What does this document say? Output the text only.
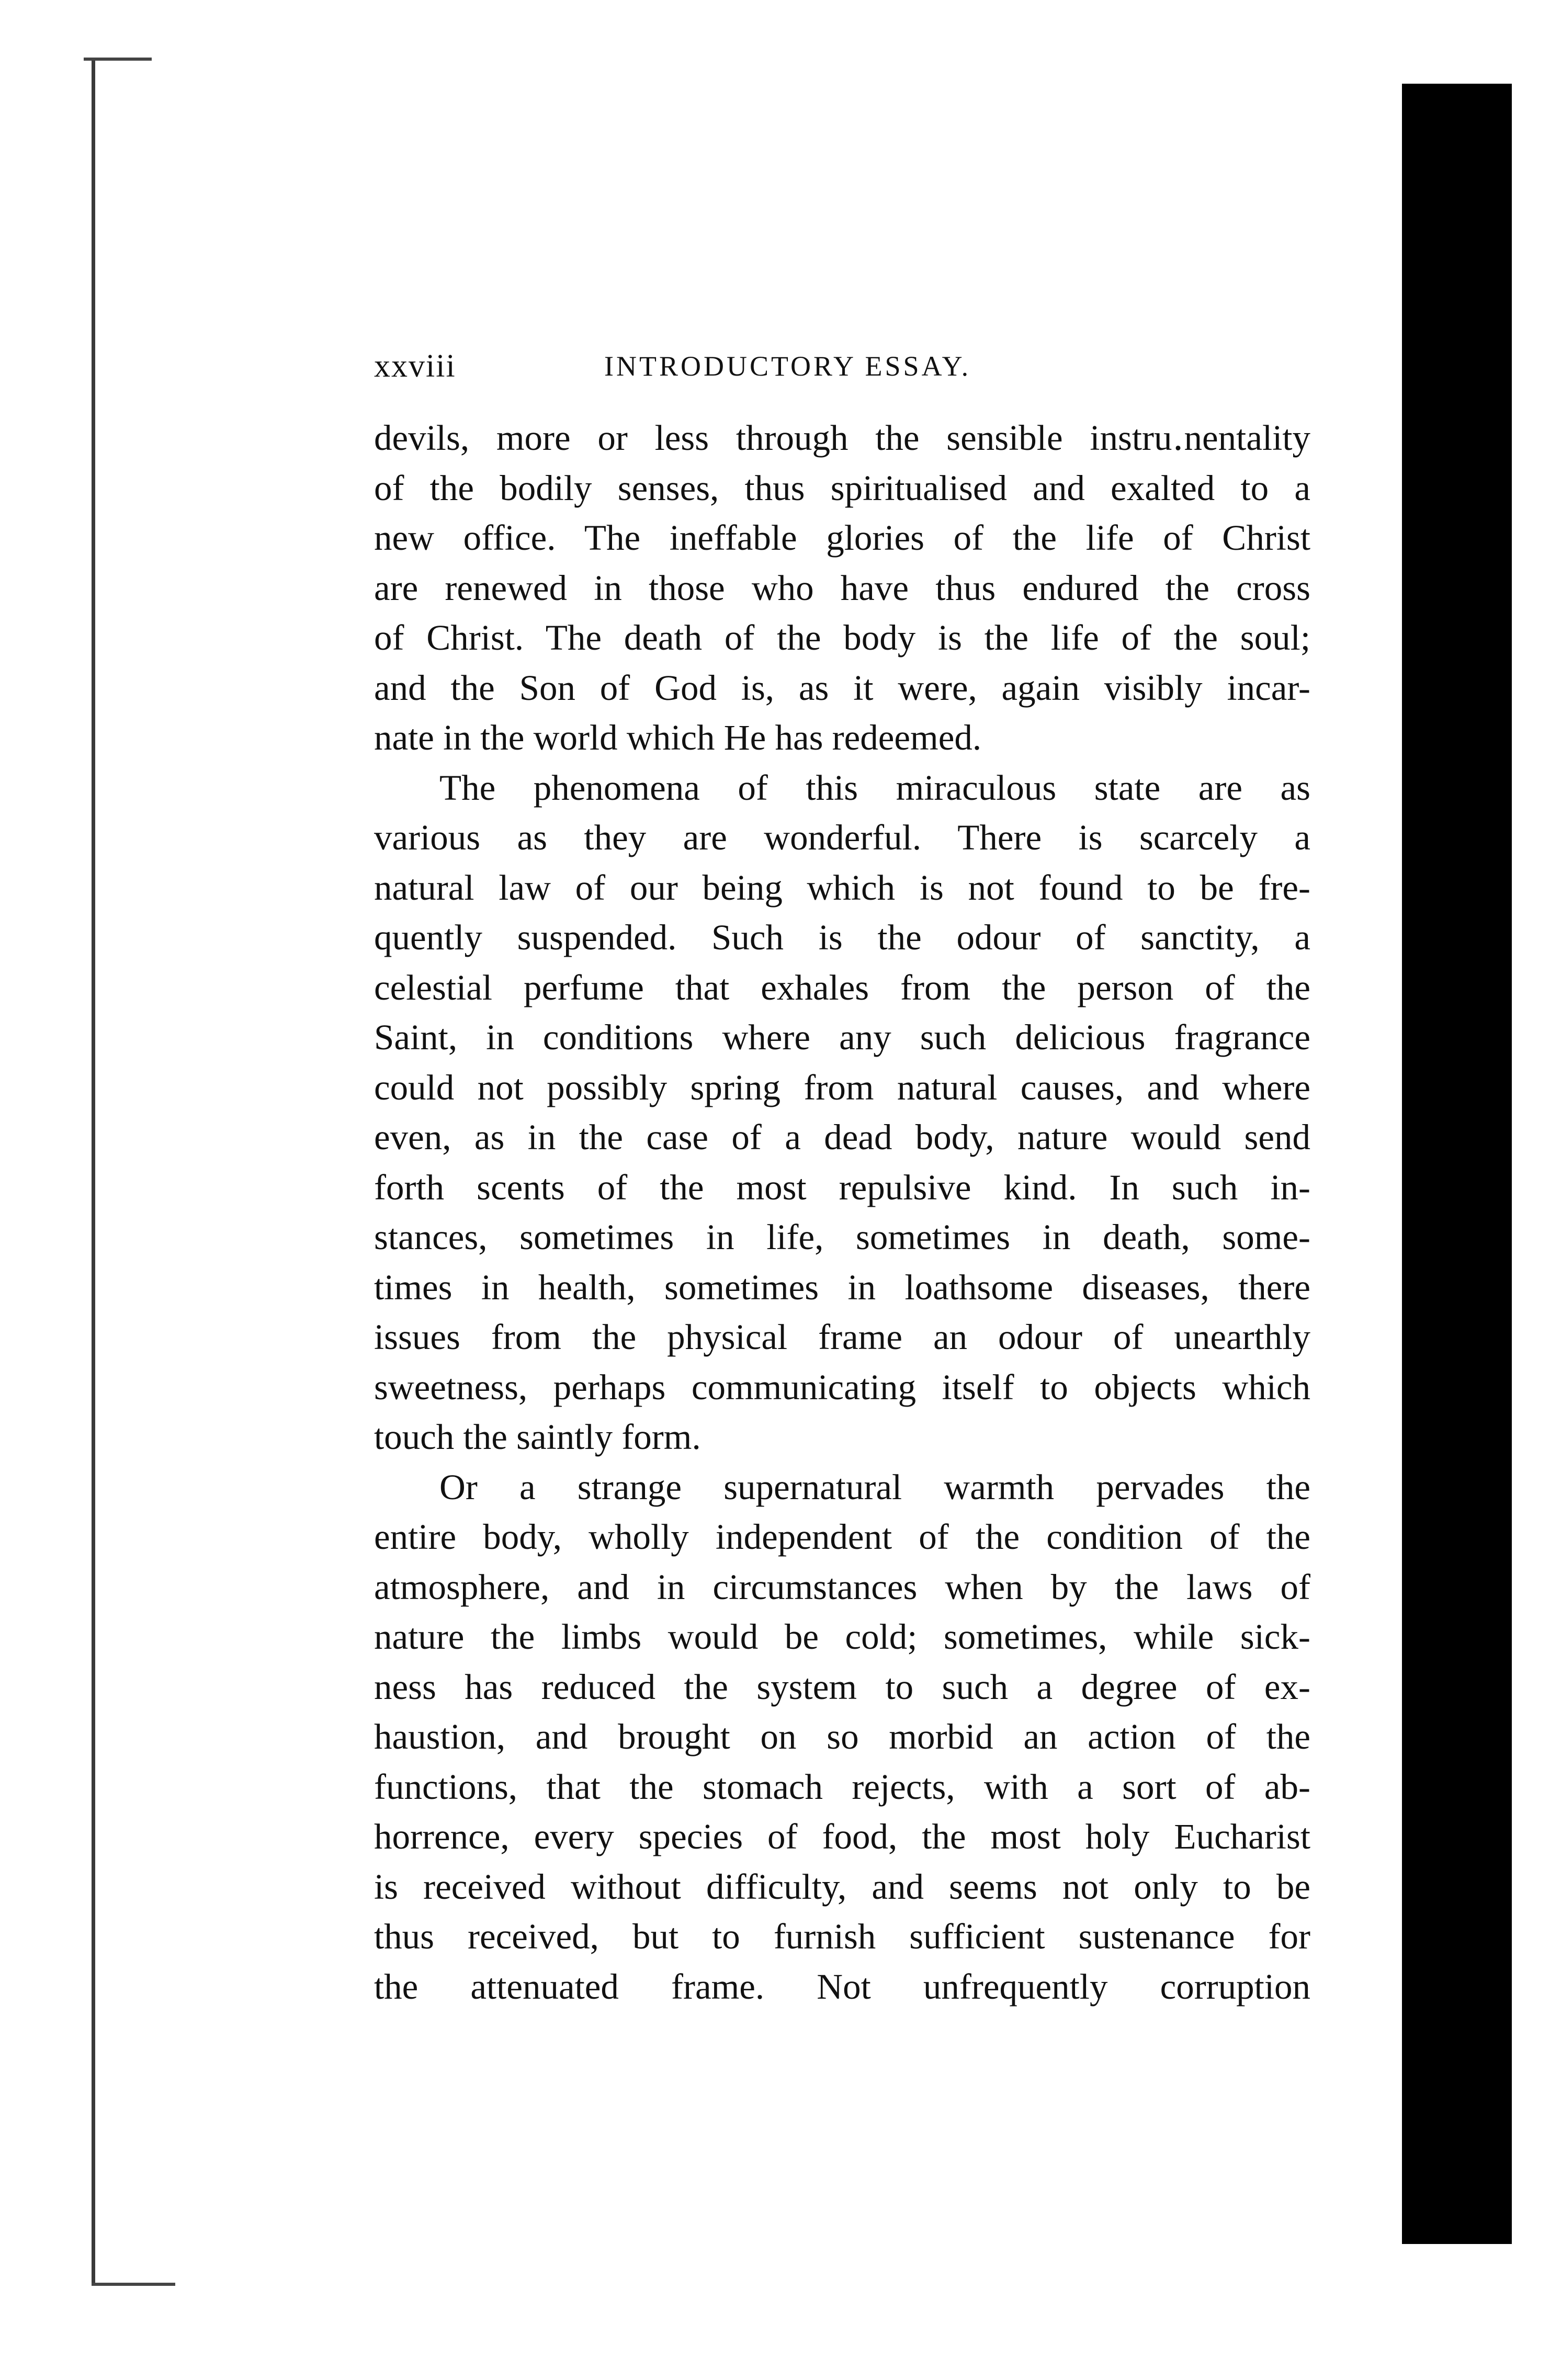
xxviii	INTRODUCTORY ESSAY.
devils, more or less through the sensible instru․nentality
of the bodily senses, thus spiritualised and exalted to a
new office. The ineffable glories of the life of Christ
are renewed in those who have thus endured the cross
of Christ. The death of the body is the life of the soul;
and the Son of God is, as it were, again visibly incar-
nate in the world which He has redeemed.
The phenomena of this miraculous state are as
various as they are wonderful. There is scarcely a
natural law of our being which is not found to be fre-
quently suspended. Such is the odour of sanctity, a
celestial perfume that exhales from the person of the
Saint, in conditions where any such delicious fragrance
could not possibly spring from natural causes, and where
even, as in the case of a dead body, nature would send
forth scents of the most repulsive kind. In such in-
stances, sometimes in life, sometimes in death, some-
times in health, sometimes in loathsome diseases, there
issues from the physical frame an odour of unearthly
sweetness, perhaps communicating itself to objects which
touch the saintly form.
Or a strange supernatural warmth pervades the
entire body, wholly independent of the condition of the
atmosphere, and in circumstances when by the laws of
nature the limbs would be cold; sometimes, while sick-
ness has reduced the system to such a degree of ex-
haustion, and brought on so morbid an action of the
functions, that the stomach rejects, with a sort of ab-
horrence, every species of food, the most holy Eucharist
is received without difficulty, and seems not only to be
thus received, but to furnish sufficient sustenance for
the attenuated frame. Not unfrequently corruption
